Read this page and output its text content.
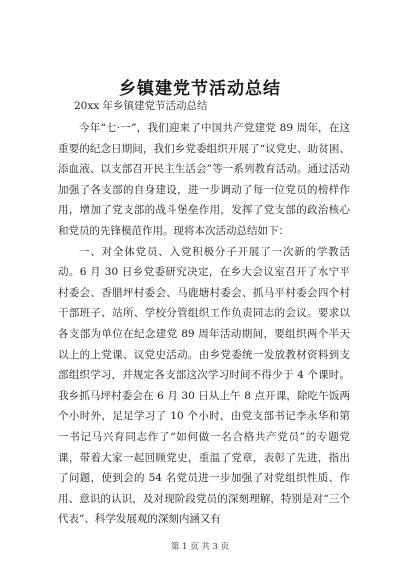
乡镇建党节活动总结
20xx 年乡镇建党节活动总结

今年“七·一”，我们迎来了中国共产党建党 89 周年，在这重要的纪念日期间，我们乡党委组织开展了“议党史、助贫困、添血液、以支部召开民主生活会”等一系列教育活动。通过活动加强了各支部的自身建设，进一步调动了每一位党员的榜样作用，增加了党支部的战斗堡垒作用，发挥了党支部的政治核心和党员的先锋模范作用。现将本次活动总结如下：

一、对全体党员、入党积极分子开展了一次新的学教活动。6 月 30 日乡党委研究决定，在乡大会议室召开了水宁平村委会、香腊坪村委会、马鹿塘村委会、抓马平村委会四个村干部班子、站所、学校分管组织工作负责同志的会议。要求以各支部为单位在纪念建党 89 周年活动期间，要组织两个半天以上的上党课、议党史活动。由乡党委统一发放教材资料到支部组织学习，并规定各支部这次学习时间不得少于 4 个课时。我乡抓马坪村委会在 6 月 30 日从上午 8 点开课，除吃午饭两个小时外，足足学习了 10 个小时，由党支部书记李永华和第一书记马兴育同志作了“如何做一名合格共产党员”的专题党课，带着大家一起回顾党史，重温了党章，表彰了先进，指出了问题，使到会的 54 名党员进一步加强了对党组织性质、作用、意识的认识，及对现阶段党员的深刻理解，特别是对“三个代表”、科学发展观的深刻内涵又有

第 1 页 共 3 页
